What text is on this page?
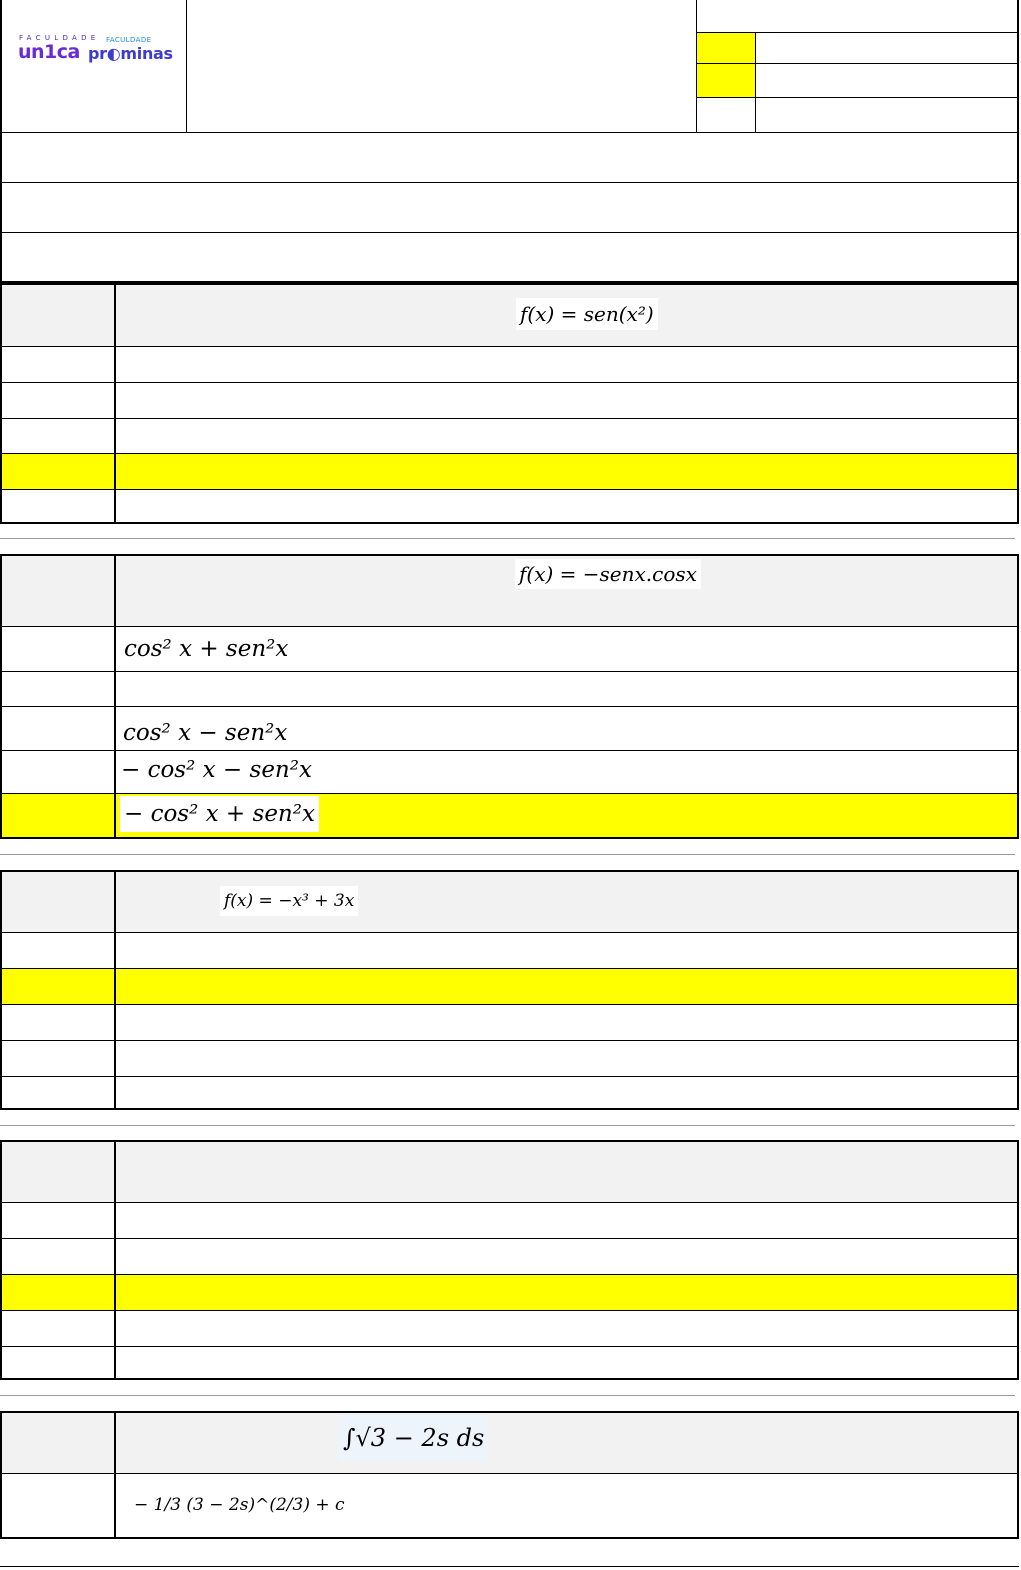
FACULDADE FACULDADE
un1ca pr◐minas
f(x) = sen(x²)
f(x) = −senx.cosx
cos² x + sen²x
cos² x − sen²x
− cos² x − sen²x
− cos² x + sen²x
f(x) = −x³ + 3x
∫√3 − 2s ds
− 1/3 (3 − 2s)^(2/3) + c
